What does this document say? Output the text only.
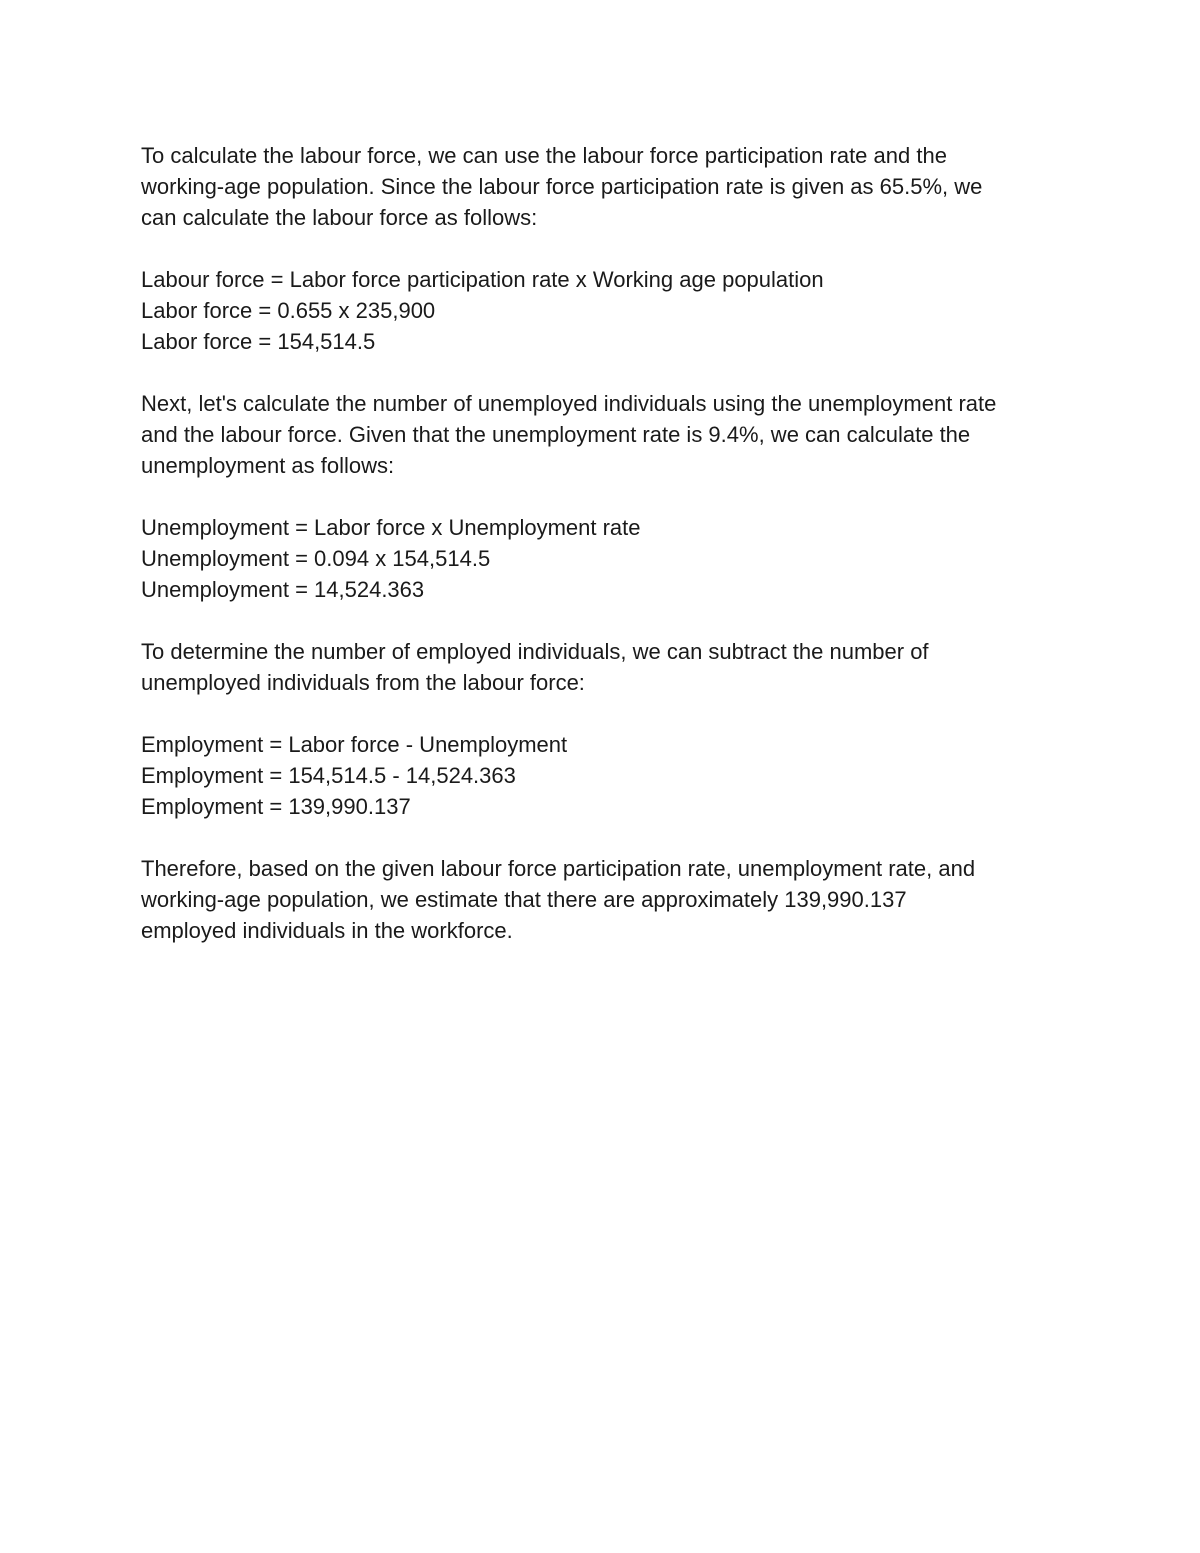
To calculate the labour force, we can use the labour force participation rate and the
working-age population. Since the labour force participation rate is given as 65.5%, we
can calculate the labour force as follows:

Labour force = Labor force participation rate x Working age population
Labor force = 0.655 x 235,900
Labor force = 154,514.5

Next, let's calculate the number of unemployed individuals using the unemployment rate
and the labour force. Given that the unemployment rate is 9.4%, we can calculate the
unemployment as follows:

Unemployment = Labor force x Unemployment rate
Unemployment = 0.094 x 154,514.5
Unemployment = 14,524.363

To determine the number of employed individuals, we can subtract the number of
unemployed individuals from the labour force:

Employment = Labor force - Unemployment
Employment = 154,514.5 - 14,524.363
Employment = 139,990.137

Therefore, based on the given labour force participation rate, unemployment rate, and
working-age population, we estimate that there are approximately 139,990.137
employed individuals in the workforce.
